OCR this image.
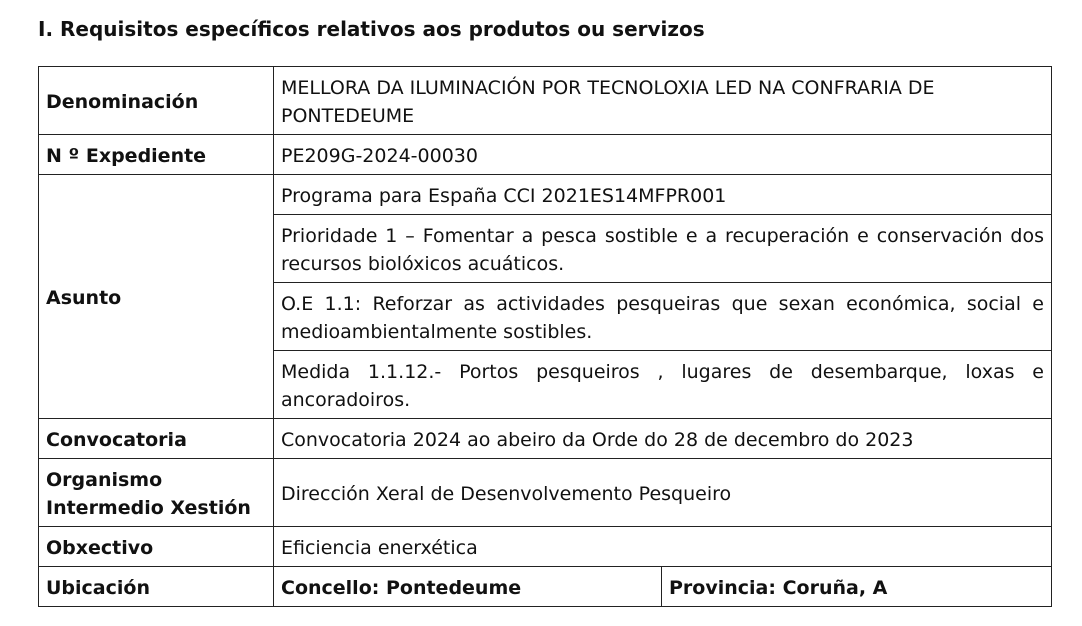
I. Requisitos específicos relativos aos produtos ou servizos
Denominación	MELLORA DA ILUMINACIÓN POR TECNOLOXIA LED NA CONFRARIA DE PONTEDEUME	
N º Expediente	PE209G-2024-00030	
Asunto	Programa para España CCI 2021ES14MFPR001	
	Prioridade 1 – Fomentar a pesca sostible e a recuperación e conservación dos recursos biolóxicos acuáticos.	
	O.E 1.1: Reforzar as actividades pesqueiras que sexan económica, social e medioambientalmente sostibles.	
	Medida 1.1.12.- Portos pesqueiros , lugares de desembarque, loxas e ancoradoiros.	
Convocatoria	Convocatoria 2024 ao abeiro da Orde do 28 de decembro do 2023	
Organismo Intermedio Xestión	Dirección Xeral de Desenvolvemento Pesqueiro	
Obxectivo	Eficiencia enerxética	
Ubicación	Concello: Pontedeume	Provincia: Coruña, A
